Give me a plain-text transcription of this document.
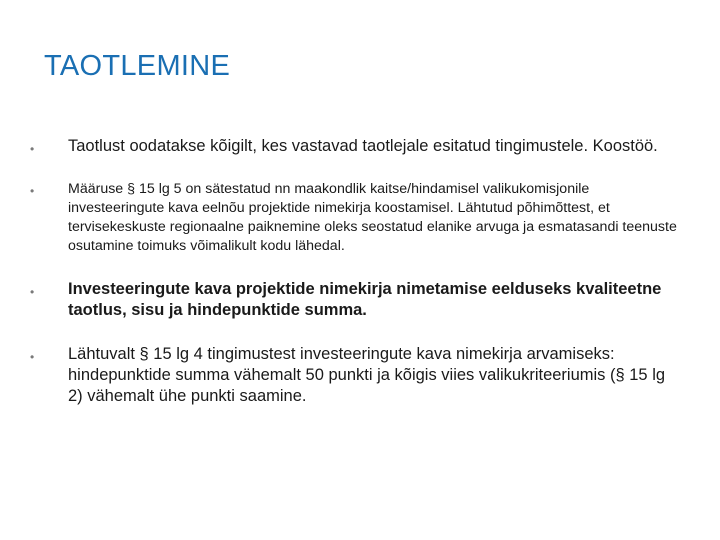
TAOTLEMINE
• Taotlust oodatakse kõigilt, kes vastavad taotlejale esitatud tingimustele. Koostöö.
• Määruse § 15 lg 5 on sätestatud nn maakondlik kaitse/hindamisel valikukomisjonile investeeringute kava eelnõu projektide nimekirja koostamisel. Lähtutud põhimõttest, et tervisekeskuste regionaalne paiknemine oleks seostatud elanike arvuga ja esmatasandi teenuste osutamine toimuks võimalikult kodu lähedal.
• Investeeringute kava projektide nimekirja nimetamise eelduseks kvaliteetne taotlus, sisu ja hindepunktide summa.
• Lähtuvalt § 15 lg 4 tingimustest investeeringute kava nimekirja arvamiseks: hindepunktide summa vähemalt 50 punkti ja kõigis viies valikukriteeriumis (§ 15 lg 2) vähemalt ühe punkti saamine.
